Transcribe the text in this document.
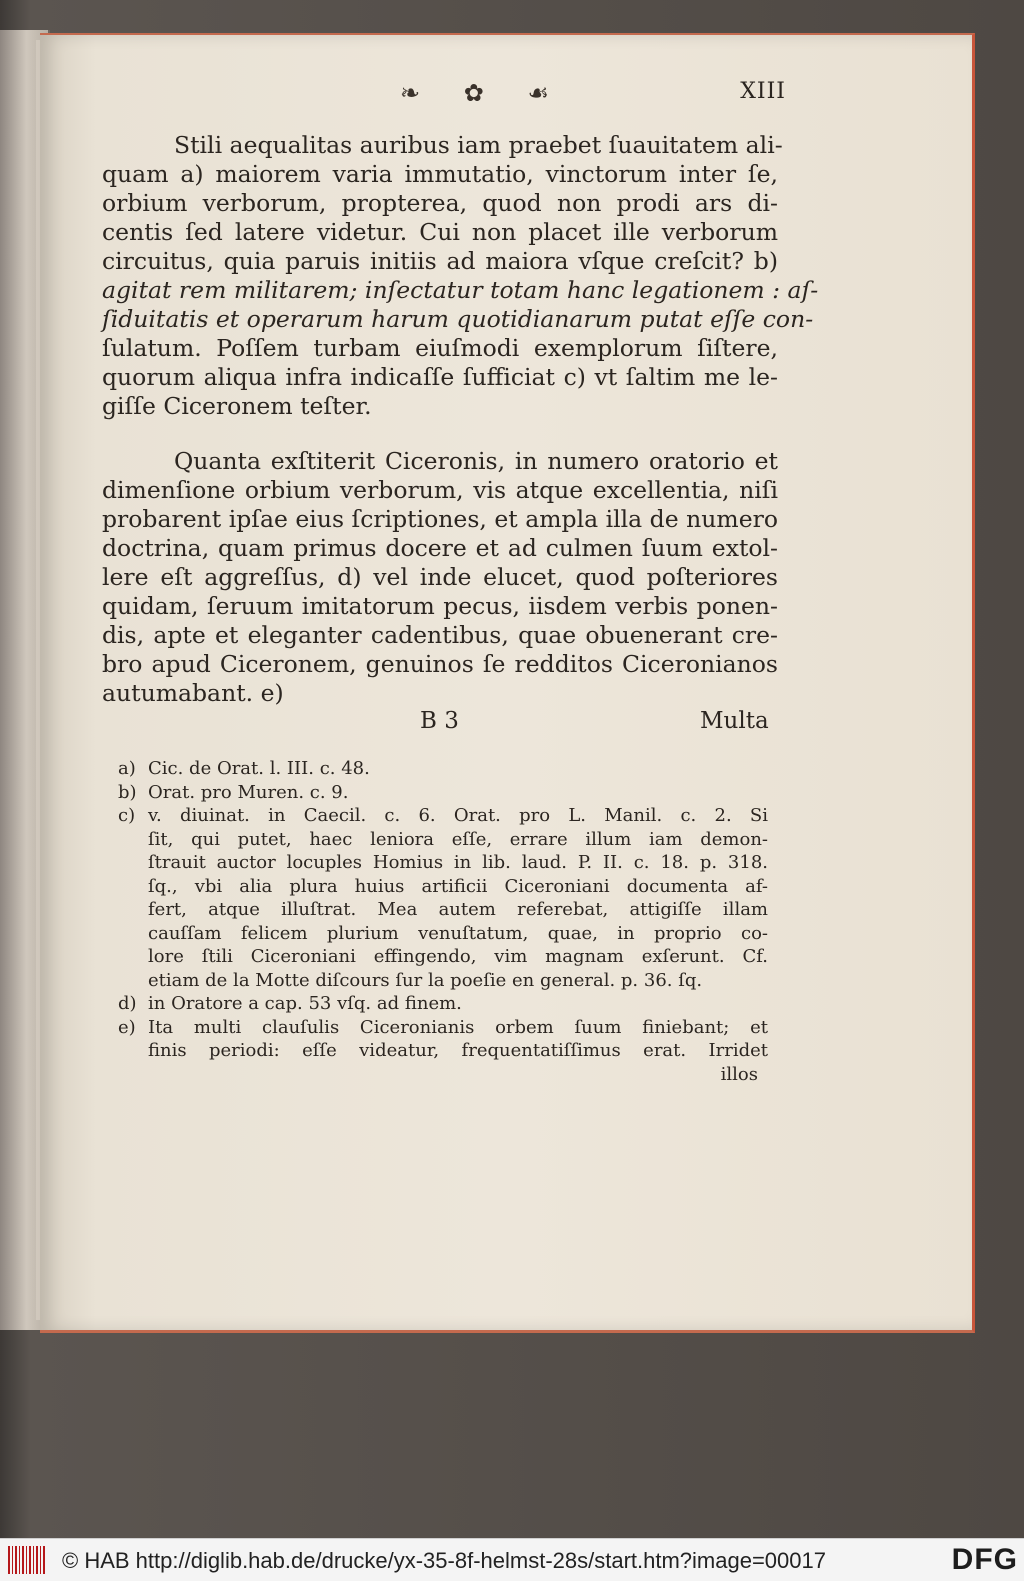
❧ ✿ ☙	XIII
Stili aequalitas auribus iam praebet ſuauitatem ali-
quam a) maiorem varia immutatio, vinctorum inter ſe,
orbium verborum, propterea, quod non prodi ars di-
centis ſed latere videtur. Cui non placet ille verborum
circuitus, quia paruis initiis ad maiora vſque creſcit? b)
agitat rem militarem; inſectatur totam hanc legationem : aſ-
ſiduitatis et operarum harum quotidianarum putat eſſe con-
ſulatum. Poſſem turbam eiuſmodi exemplorum ſiſtere,
quorum aliqua infra indicaſſe ſufficiat c) vt ſaltim me le-
giſſe Ciceronem teſter.
Quanta exſtiterit Ciceronis, in numero oratorio et
dimenſione orbium verborum, vis atque excellentia, niſi
probarent ipſae eius ſcriptiones, et ampla illa de numero
doctrina, quam primus docere et ad culmen ſuum extol-
lere eſt aggreſſus, d) vel inde elucet, quod poſteriores
quidam, ſeruum imitatorum pecus, iisdem verbis ponen-
dis, apte et eleganter cadentibus, quae obuenerant cre-
bro apud Ciceronem, genuinos ſe redditos Ciceronianos
autumabant. e)
B 3	Multa
a) Cic. de Orat. l. III. c. 48.
b) Orat. pro Muren. c. 9.
c) v. diuinat. in Caecil. c. 6. Orat. pro L. Manil. c. 2. Si
ſit, qui putet, haec leniora eſſe, errare illum iam demon-
ſtrauit auctor locuples Homius in lib. laud. P. II. c. 18. p. 318.
ſq., vbi alia plura huius artificii Ciceroniani documenta af-
fert, atque illuſtrat. Mea autem referebat, attigiſſe illam
cauſſam felicem plurium venuſtatum, quae, in proprio co-
lore ſtili Ciceroniani effingendo, vim magnam exſerunt. Cf.
etiam de la Motte diſcours ſur la poeſie en general. p. 36. ſq.
d) in Oratore a cap. 53 vſq. ad finem.
e) Ita multi clauſulis Ciceronianis orbem ſuum finiebant; et
finis periodi: eſſe videatur, frequentatiſſimus erat. Irridet
illos
© HAB http://diglib.hab.de/drucke/yx-35-8f-helmst-28s/start.htm?image=00017	DFG
